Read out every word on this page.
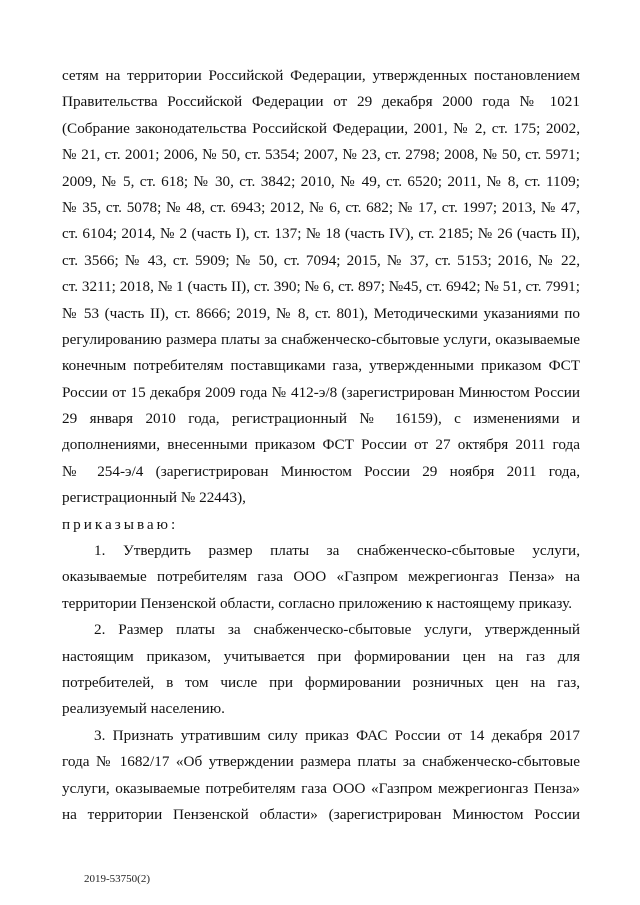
сетям на территории Российской Федерации, утвержденных постановлением
Правительства Российской Федерации от 29 декабря 2000 года № 1021
(Собрание законодательства Российской Федерации, 2001, № 2, ст. 175; 2002,
№ 21, ст. 2001; 2006, № 50, ст. 5354; 2007, № 23, ст. 2798; 2008, № 50, ст. 5971;
2009, № 5, ст. 618; № 30, ст. 3842; 2010, № 49, ст. 6520; 2011, № 8, ст. 1109;
№ 35, ст. 5078; № 48, ст. 6943; 2012, № 6, ст. 682; № 17, ст. 1997; 2013, № 47,
ст. 6104; 2014, № 2 (часть I), ст. 137; № 18 (часть IV), ст. 2185; № 26 (часть II),
ст. 3566; № 43, ст. 5909; № 50, ст. 7094; 2015, № 37, ст. 5153; 2016, № 22,
ст. 3211; 2018, № 1 (часть II), ст. 390; № 6, ст. 897; №45, ст. 6942; № 51, ст. 7991;
№ 53 (часть II), ст. 8666; 2019, № 8, ст. 801), Методическими указаниями по
регулированию размера платы за снабженческо-сбытовые услуги, оказываемые
конечным потребителям поставщиками газа, утвержденными приказом ФСТ
России от 15 декабря 2009 года № 412-э/8 (зарегистрирован Минюстом России
29 января 2010 года, регистрационный № 16159), с изменениями и
дополнениями, внесенными приказом ФСТ России от 27 октября 2011 года
№ 254-э/4 (зарегистрирован Минюстом России 29 ноября 2011 года,
регистрационный № 22443),
приказываю:
1. Утвердить размер платы за снабженческо-сбытовые услуги,
оказываемые потребителям газа ООО «Газпром межрегионгаз Пенза» на
территории Пензенской области, согласно приложению к настоящему приказу.
2. Размер платы за снабженческо-сбытовые услуги, утвержденный
настоящим приказом, учитывается при формировании цен на газ для
потребителей, в том числе при формировании розничных цен на газ,
реализуемый населению.
3. Признать утратившим силу приказ ФАС России от 14 декабря 2017
года № 1682/17 «Об утверждении размера платы за снабженческо-сбытовые
услуги, оказываемые потребителям газа ООО «Газпром межрегионгаз Пенза»
на территории Пензенской области» (зарегистрирован Минюстом России
2019-53750(2)
